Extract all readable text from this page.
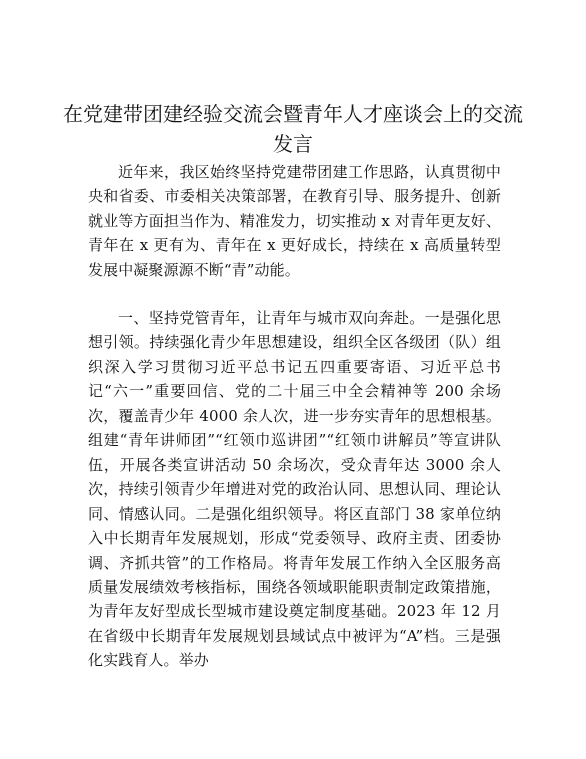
在党建带团建经验交流会暨青年人才座谈会上的交流发言

近年来，我区始终坚持党建带团建工作思路，认真贯彻中央和省委、市委相关决策部署，在教育引导、服务提升、创新就业等方面担当作为、精准发力，切实推动 x 对青年更友好、青年在 x 更有为、青年在 x 更好成长，持续在 x 高质量转型发展中凝聚源源不断“青”动能。

一、坚持党管青年，让青年与城市双向奔赴。一是强化思想引领。持续强化青少年思想建设，组织全区各级团（队）组织深入学习贯彻习近平总书记五四重要寄语、习近平总书记“六一”重要回信、党的二十届三中全会精神等 200 余场次，覆盖青少年 4000 余人次，进一步夯实青年的思想根基。组建“青年讲师团”“红领巾巡讲团”“红领巾讲解员”等宣讲队伍，开展各类宣讲活动 50 余场次，受众青年达 3000 余人次，持续引领青少年增进对党的政治认同、思想认同、理论认同、情感认同。二是强化组织领导。将区直部门 38 家单位纳入中长期青年发展规划，形成“党委领导、政府主责、团委协调、齐抓共管”的工作格局。将青年发展工作纳入全区服务高质量发展绩效考核指标，围绕各领域职能职责制定政策措施，为青年友好型成长型城市建设奠定制度基础。2023 年 12 月在省级中长期青年发展规划县域试点中被评为“A”档。三是强化实践育人。举办
